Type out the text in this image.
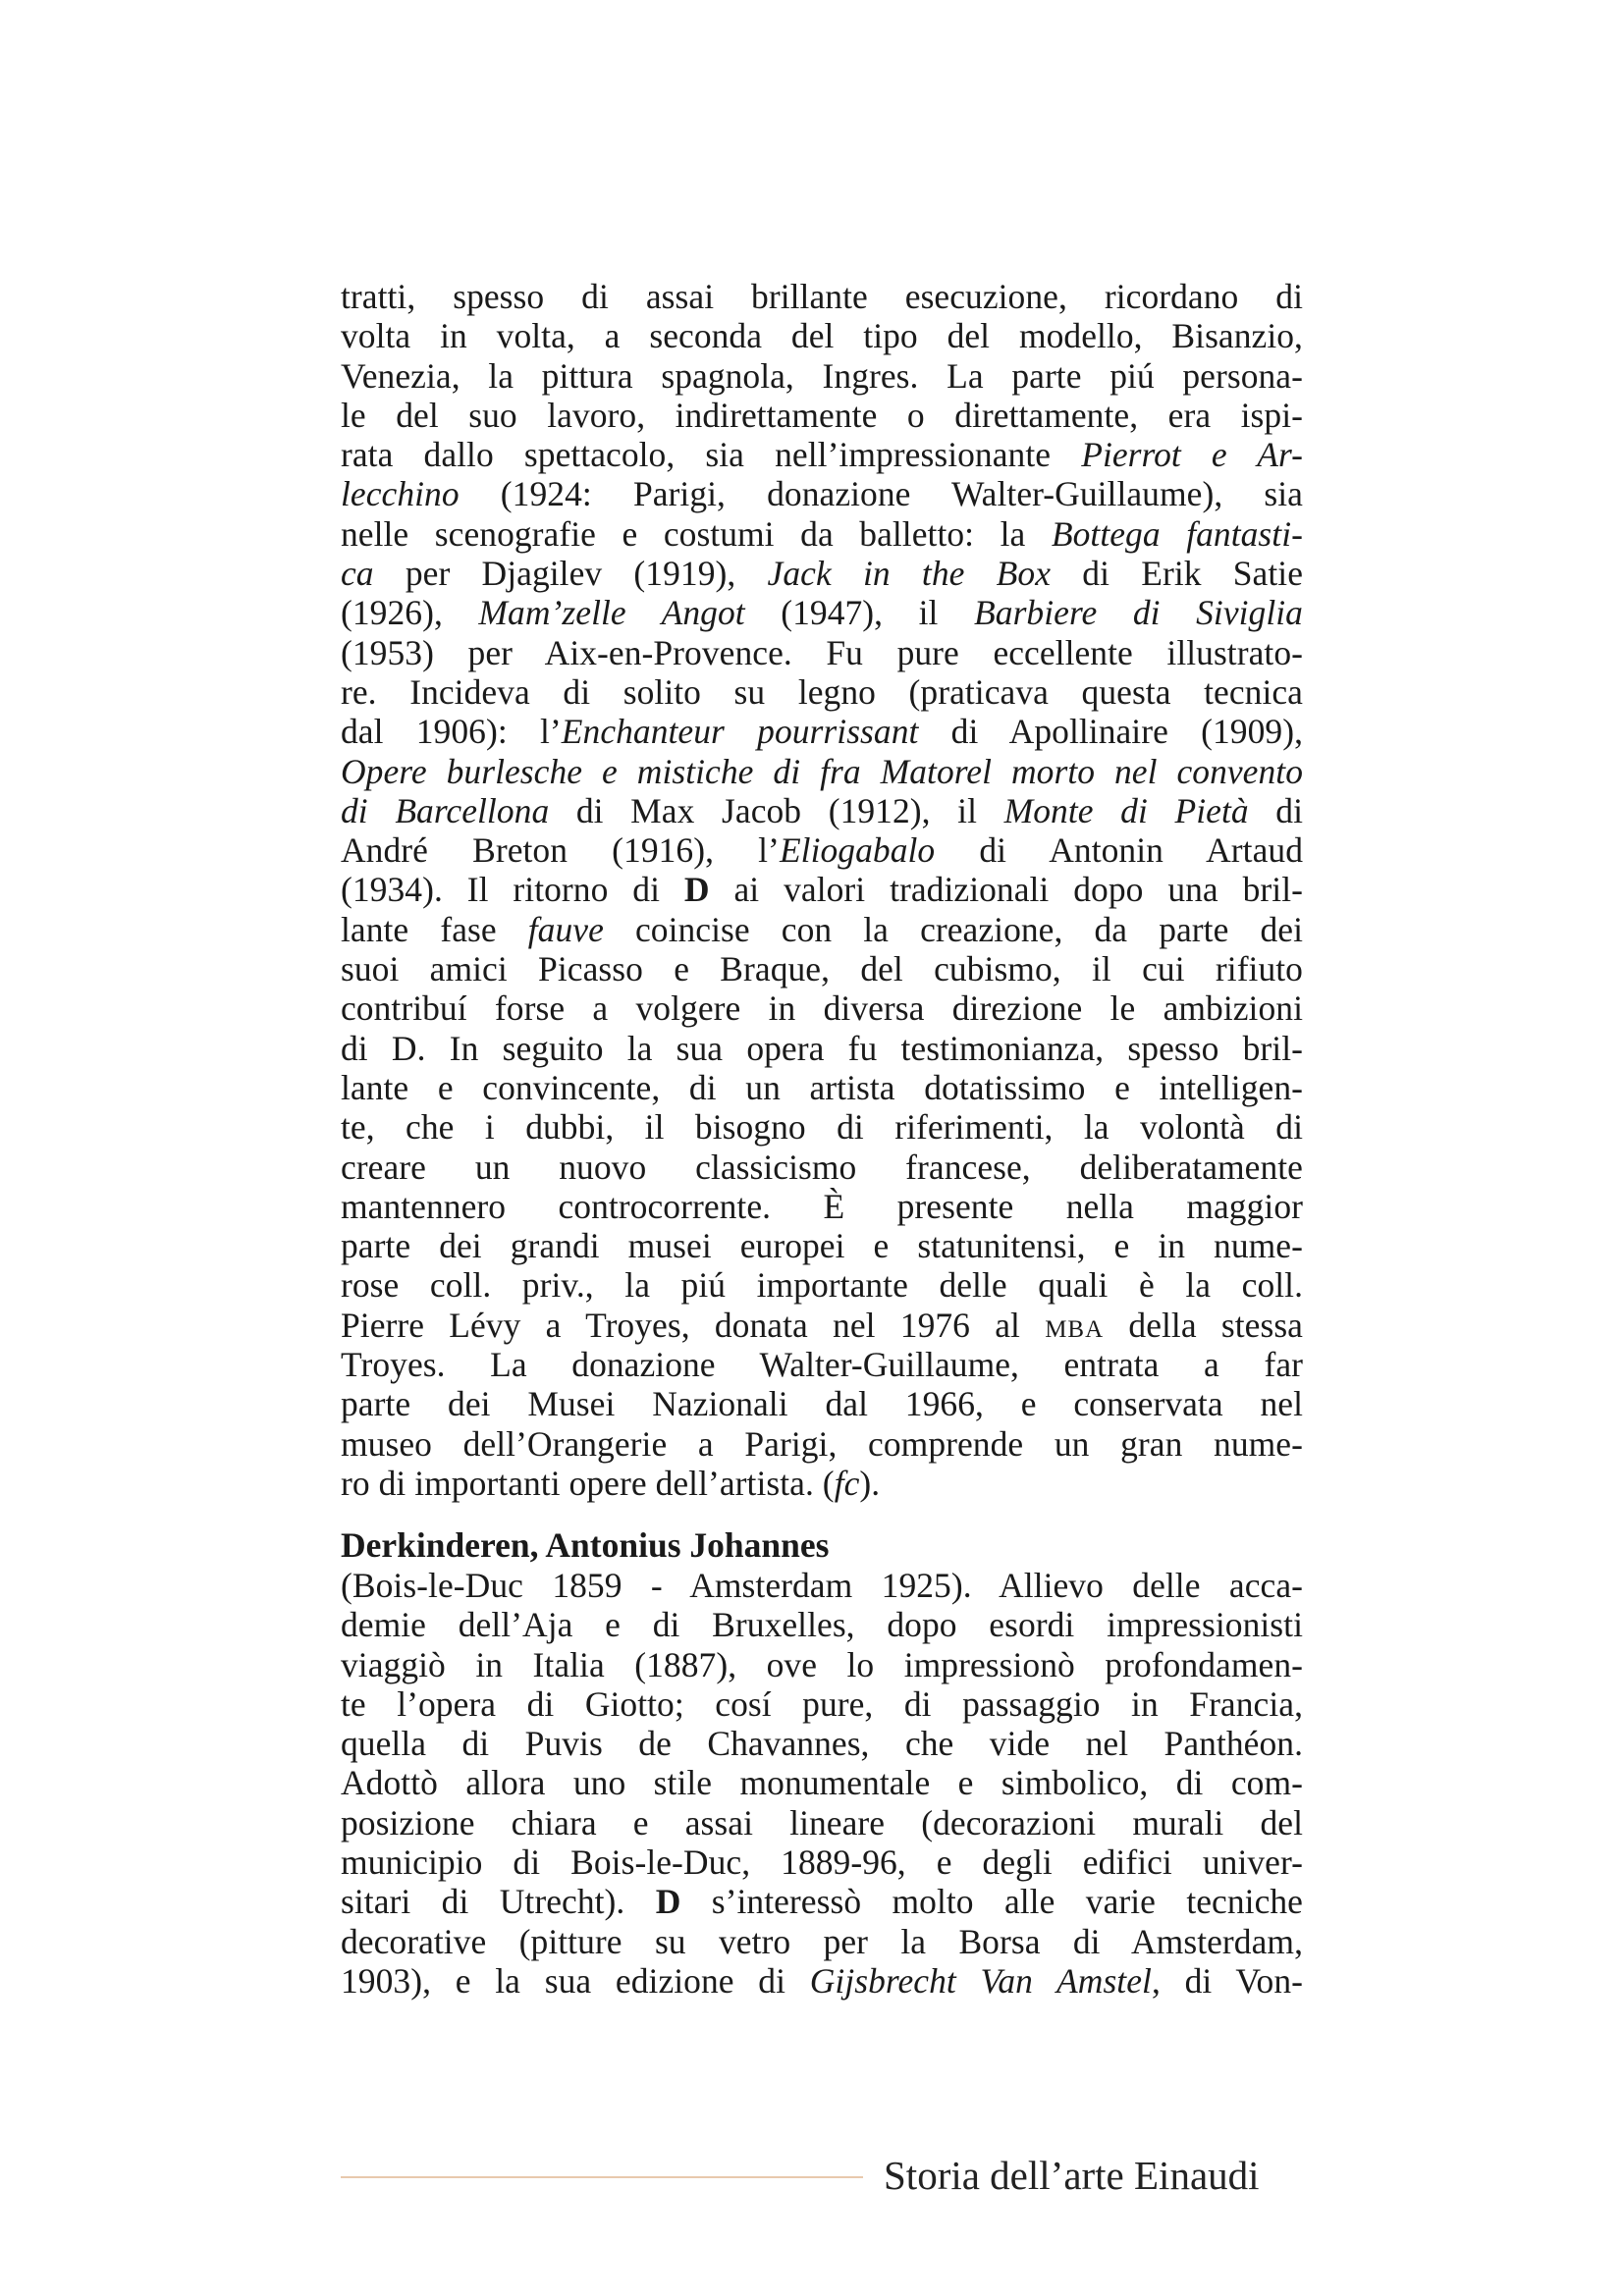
tratti, spesso di assai brillante esecuzione, ricordano di
volta in volta, a seconda del tipo del modello, Bisanzio,
Venezia, la pittura spagnola, Ingres. La parte piú persona-
le del suo lavoro, indirettamente o direttamente, era ispi-
rata dallo spettacolo, sia nell’impressionante Pierrot e Ar-
lecchino (1924: Parigi, donazione Walter-Guillaume), sia
nelle scenografie e costumi da balletto: la Bottega fantasti-
ca per Djagilev (1919), Jack in the Box di Erik Satie
(1926), Mam’zelle Angot (1947), il Barbiere di Siviglia
(1953) per Aix-en-Provence. Fu pure eccellente illustrato-
re. Incideva di solito su legno (praticava questa tecnica
dal 1906): l’Enchanteur pourrissant di Apollinaire (1909),
Opere burlesche e mistiche di fra Matorel morto nel convento
di Barcellona di Max Jacob (1912), il Monte di Pietà di
André Breton (1916), l’Eliogabalo di Antonin Artaud
(1934). Il ritorno di D ai valori tradizionali dopo una bril-
lante fase fauve coincise con la creazione, da parte dei
suoi amici Picasso e Braque, del cubismo, il cui rifiuto
contribuí forse a volgere in diversa direzione le ambizioni
di D. In seguito la sua opera fu testimonianza, spesso bril-
lante e convincente, di un artista dotatissimo e intelligen-
te, che i dubbi, il bisogno di riferimenti, la volontà di
creare un nuovo classicismo francese, deliberatamente
mantennero controcorrente. È presente nella maggior
parte dei grandi musei europei e statunitensi, e in nume-
rose coll. priv., la piú importante delle quali è la coll.
Pierre Lévy a Troyes, donata nel 1976 al mba della stessa
Troyes. La donazione Walter-Guillaume, entrata a far
parte dei Musei Nazionali dal 1966, e conservata nel
museo dell’Orangerie a Parigi, comprende un gran nume-
ro di importanti opere dell’artista. (fc).
Derkinderen, Antonius Johannes
(Bois-le-Duc 1859 - Amsterdam 1925). Allievo delle acca-
demie dell’Aja e di Bruxelles, dopo esordi impressionisti
viaggiò in Italia (1887), ove lo impressionò profondamen-
te l’opera di Giotto; cosí pure, di passaggio in Francia,
quella di Puvis de Chavannes, che vide nel Panthéon.
Adottò allora uno stile monumentale e simbolico, di com-
posizione chiara e assai lineare (decorazioni murali del
municipio di Bois-le-Duc, 1889-96, e degli edifici univer-
sitari di Utrecht). D s’interessò molto alle varie tecniche
decorative (pitture su vetro per la Borsa di Amsterdam,
1903), e la sua edizione di Gijsbrecht Van Amstel, di Von-
Storia dell’arte Einaudi
